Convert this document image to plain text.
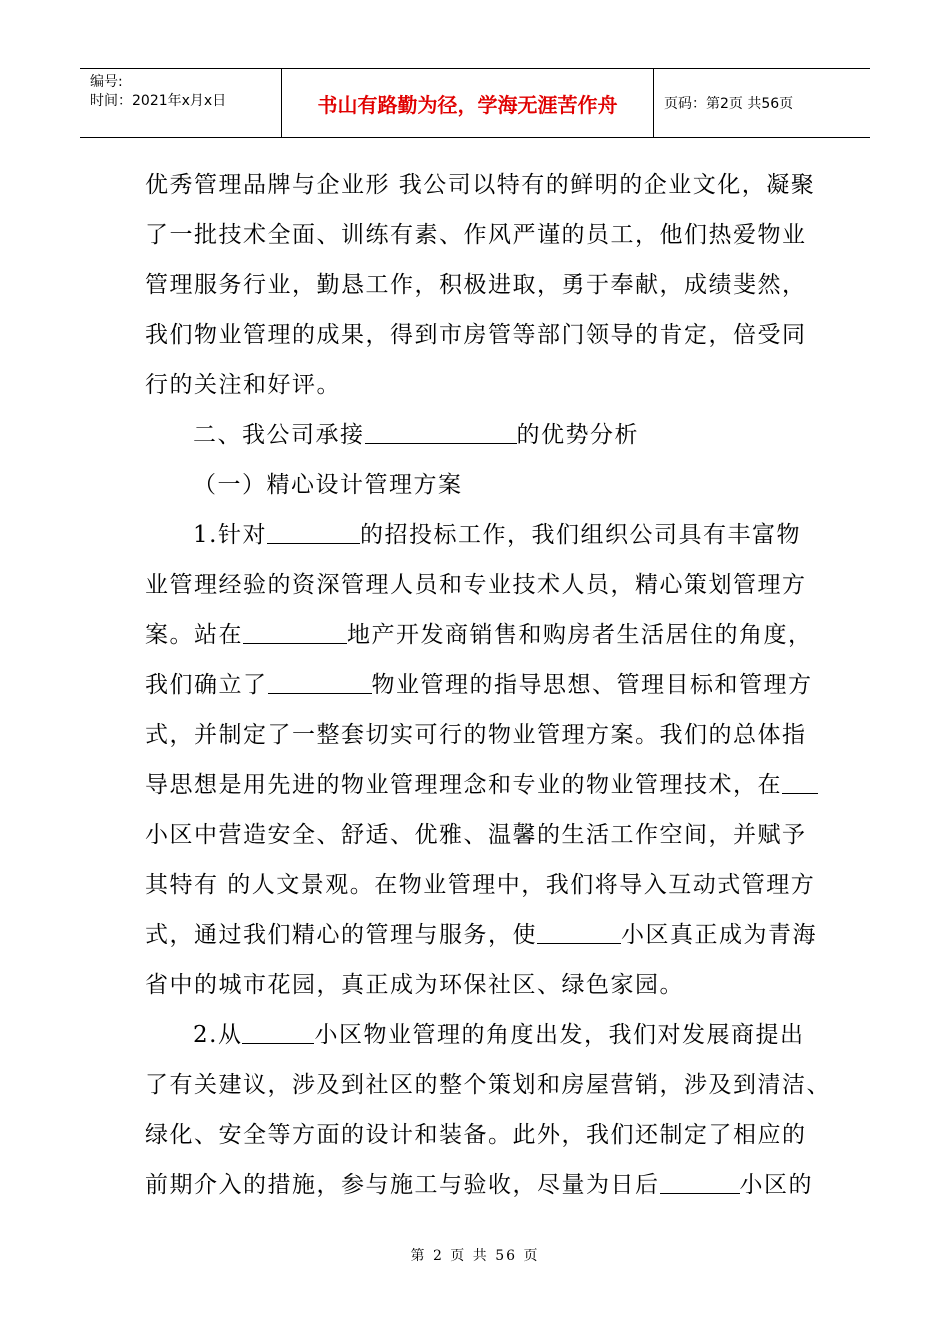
编号:
时间：2021年x月x日	书山有路勤为径，学海无涯苦作舟	页码：第2页 共56页
优秀管理品牌与企业形 我公司以特有的鲜明的企业文化，凝聚
了一批技术全面、训练有素、作风严谨的员工，他们热爱物业
管理服务行业，勤恳工作，积极进取，勇于奉献，成绩斐然，
我们物业管理的成果，得到市房管等部门领导的肯定，倍受同
行的关注和好评。
二、我公司承接	的优势分析
（一）精心设计管理方案
1.针对	的招投标工作，我们组织公司具有丰富物
业管理经验的资深管理人员和专业技术人员，精心策划管理方
案。站在	地产开发商销售和购房者生活居住的角度，
我们确立了	物业管理的指导思想、管理目标和管理方
式，并制定了一整套切实可行的物业管理方案。我们的总体指
导思想是用先进的物业管理理念和专业的物业管理技术，在
小区中营造安全、舒适、优雅、温馨的生活工作空间，并赋予
其特有 的人文景观。在物业管理中，我们将导入互动式管理方
式，通过我们精心的管理与服务，使	小区真正成为青海
省中的城市花园，真正成为环保社区、绿色家园。
2.从	小区物业管理的角度出发，我们对发展商提出
了有关建议，涉及到社区的整个策划和房屋营销，涉及到清洁、
绿化、安全等方面的设计和装备。此外，我们还制定了相应的
前期介入的措施，参与施工与验收，尽量为日后	小区的
第 2 页 共 56 页
